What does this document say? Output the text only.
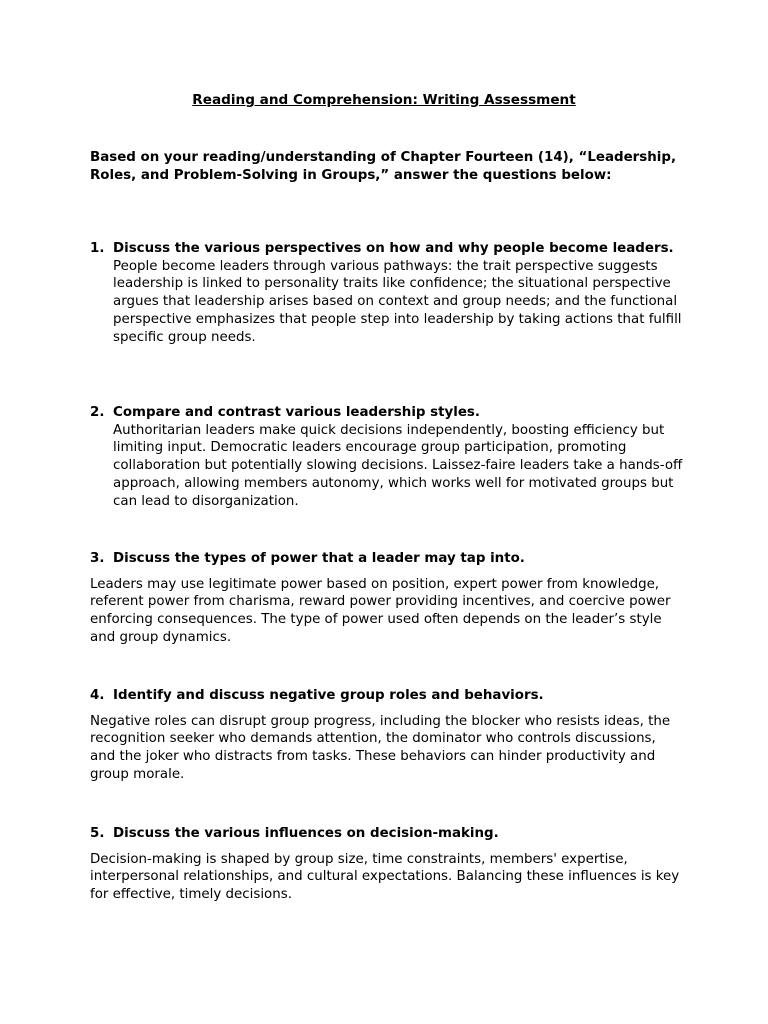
Reading and Comprehension: Writing Assessment

Based on your reading/understanding of Chapter Fourteen (14), “Leadership, Roles, and Problem-Solving in Groups,” answer the questions below:

1. Discuss the various perspectives on how and why people become leaders.
People become leaders through various pathways: the trait perspective suggests leadership is linked to personality traits like confidence; the situational perspective argues that leadership arises based on context and group needs; and the functional perspective emphasizes that people step into leadership by taking actions that fulfill specific group needs.
2. Compare and contrast various leadership styles.
Authoritarian leaders make quick decisions independently, boosting efficiency but limiting input. Democratic leaders encourage group participation, promoting collaboration but potentially slowing decisions. Laissez-faire leaders take a hands-off approach, allowing members autonomy, which works well for motivated groups but can lead to disorganization.
3. Discuss the types of power that a leader may tap into.
Leaders may use legitimate power based on position, expert power from knowledge, referent power from charisma, reward power providing incentives, and coercive power enforcing consequences. The type of power used often depends on the leader’s style and group dynamics.
4. Identify and discuss negative group roles and behaviors.
Negative roles can disrupt group progress, including the blocker who resists ideas, the recognition seeker who demands attention, the dominator who controls discussions, and the joker who distracts from tasks. These behaviors can hinder productivity and group morale.
5. Discuss the various influences on decision-making.
Decision-making is shaped by group size, time constraints, members' expertise, interpersonal relationships, and cultural expectations. Balancing these influences is key for effective, timely decisions.
